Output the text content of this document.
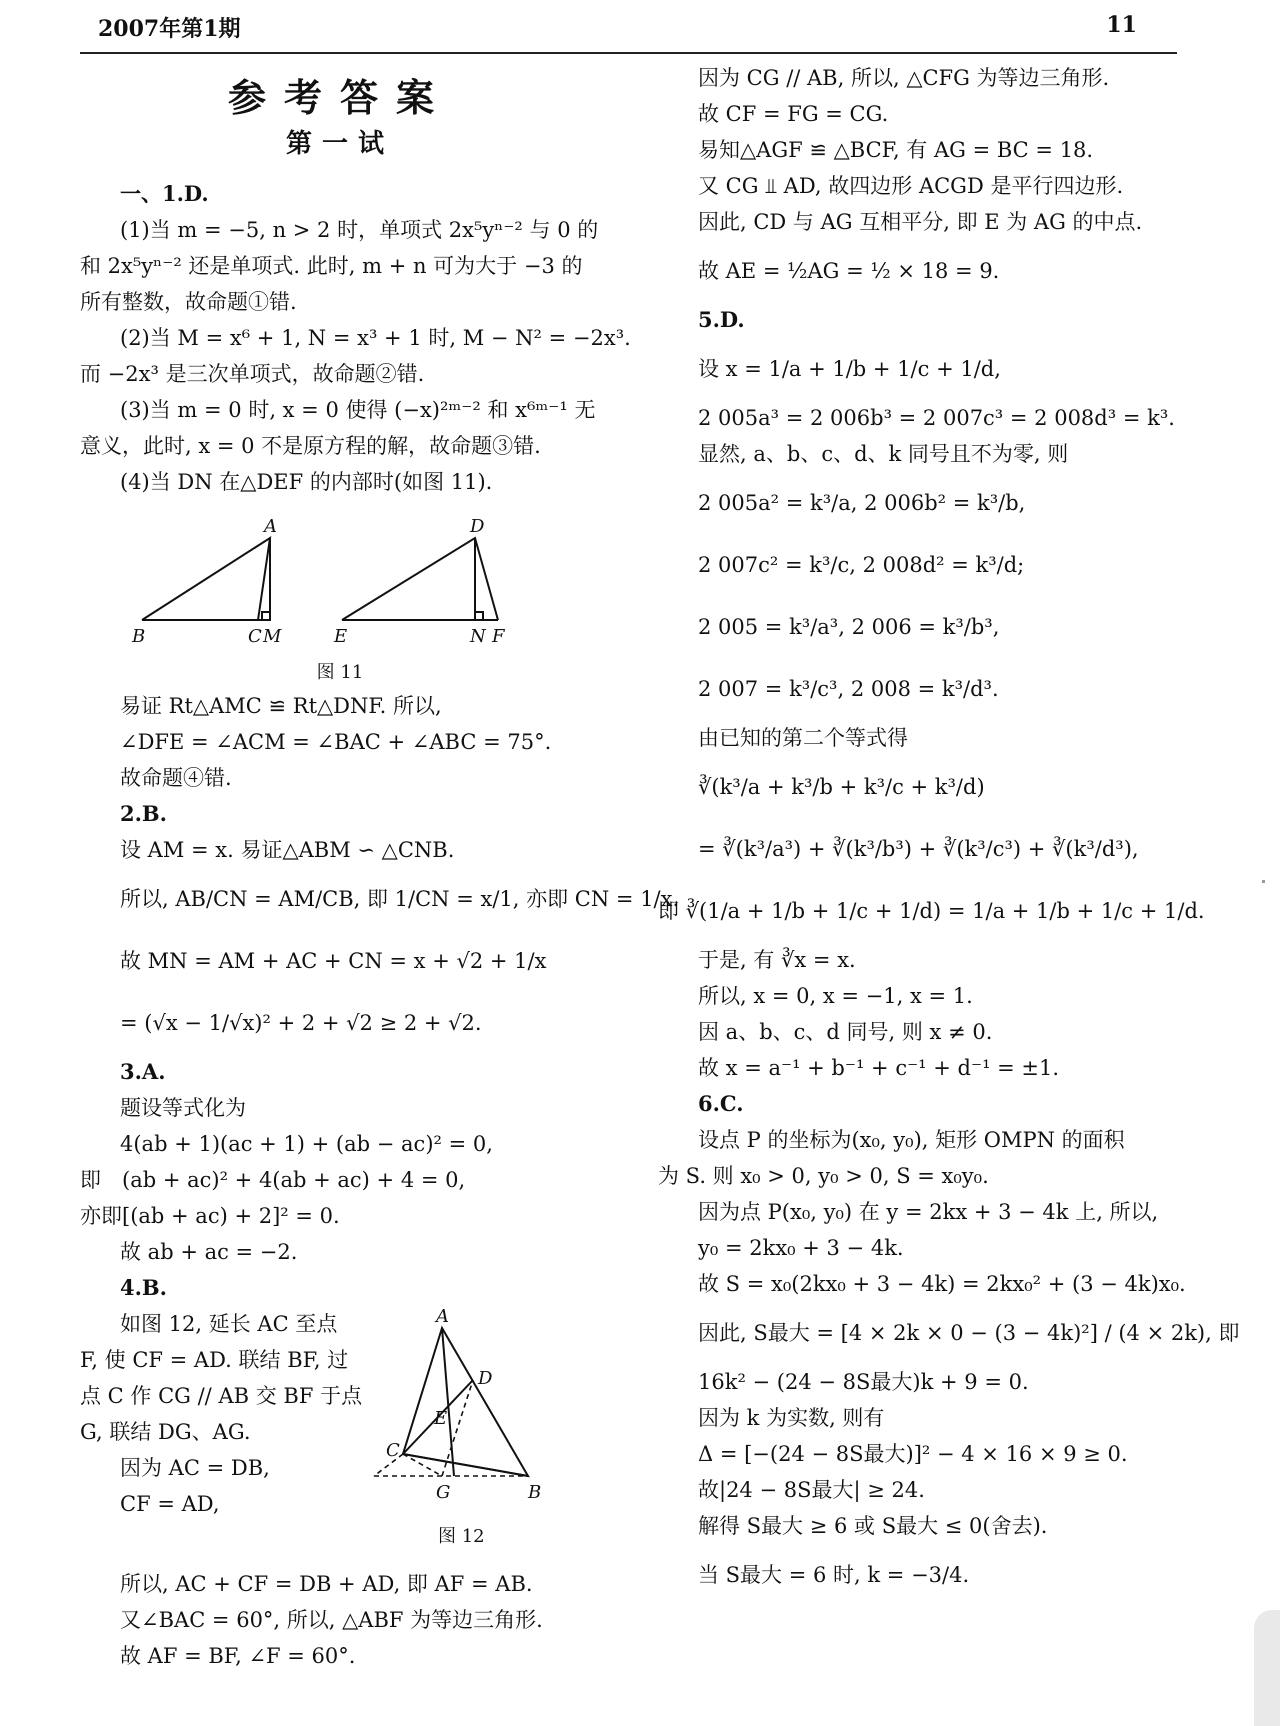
2007年第1期	11
参考答案
第一试
一、1.D.
(1)当 m = −5, n > 2 时，单项式 2x⁵yⁿ⁻² 与 0 的
和 2x⁵yⁿ⁻² 还是单项式. 此时, m + n 可为大于 −3 的
所有整数，故命题①错.
(2)当 M = x⁶ + 1, N = x³ + 1 时, M − N² = −2x³.
而 −2x³ 是三次单项式，故命题②错.
(3)当 m = 0 时, x = 0 使得 (−x)²ᵐ⁻² 和 x⁶ᵐ⁻¹ 无
意义，此时, x = 0 不是原方程的解，故命题③错.
(4)当 DN 在△DEF 的内部时(如图 11).
A
B	C M
D
E	N F
图 11
易证 Rt△AMC ≌ Rt△DNF. 所以,
∠DFE = ∠ACM = ∠BAC + ∠ABC = 75°.
故命题④错.
2.B.
设 AM = x. 易证△ABM ∽ △CNB.
所以, AB/CN = AM/CB, 即 1/CN = x/1, 亦即 CN = 1/x.
故 MN = AM + AC + CN = x + √2 + 1/x
= (√x − 1/√x)² + 2 + √2 ≥ 2 + √2.
3.A.
题设等式化为
4(ab + 1)(ac + 1) + (ab − ac)² = 0,
即　(ab + ac)² + 4(ab + ac) + 4 = 0,
亦即[(ab + ac) + 2]² = 0.
故 ab + ac = −2.
4.B.
如图 12, 延长 AC 至点
F, 使 CF = AD. 联结 BF, 过
点 C 作 CG // AB 交 BF 于点
G, 联结 DG、AG.
因为 AC = DB,
CF = AD,
A
D
C
E
G	B
图 12
所以, AC + CF = DB + AD, 即 AF = AB.
又∠BAC = 60°, 所以, △ABF 为等边三角形.
故 AF = BF, ∠F = 60°.
因为 CG // AB, 所以, △CFG 为等边三角形.
故 CF = FG = CG.
易知△AGF ≌ △BCF, 有 AG = BC = 18.
又 CG ⫫ AD, 故四边形 ACGD 是平行四边形.
因此, CD 与 AG 互相平分, 即 E 为 AG 的中点.
故 AE = ½AG = ½ × 18 = 9.
5.D.
设 x = 1/a + 1/b + 1/c + 1/d,
2 005a³ = 2 006b³ = 2 007c³ = 2 008d³ = k³.
显然, a、b、c、d、k 同号且不为零, 则
2 005a² = k³/a, 2 006b² = k³/b,
2 007c² = k³/c, 2 008d² = k³/d;
2 005 = k³/a³, 2 006 = k³/b³,
2 007 = k³/c³, 2 008 = k³/d³.
由已知的第二个等式得
∛(k³/a + k³/b + k³/c + k³/d)
= ∛(k³/a³) + ∛(k³/b³) + ∛(k³/c³) + ∛(k³/d³),
即 ∛(1/a + 1/b + 1/c + 1/d) = 1/a + 1/b + 1/c + 1/d.
于是, 有 ∛x = x.
所以, x = 0, x = −1, x = 1.
因 a、b、c、d 同号, 则 x ≠ 0.
故 x = a⁻¹ + b⁻¹ + c⁻¹ + d⁻¹ = ±1.
6.C.
设点 P 的坐标为(x₀, y₀), 矩形 OMPN 的面积
为 S. 则 x₀ > 0, y₀ > 0, S = x₀y₀.
因为点 P(x₀, y₀) 在 y = 2kx + 3 − 4k 上, 所以,
y₀ = 2kx₀ + 3 − 4k.
故 S = x₀(2kx₀ + 3 − 4k) = 2kx₀² + (3 − 4k)x₀.
因此, S最大 = [4 × 2k × 0 − (3 − 4k)²] / (4 × 2k), 即
16k² − (24 − 8S最大)k + 9 = 0.
因为 k 为实数, 则有
Δ = [−(24 − 8S最大)]² − 4 × 16 × 9 ≥ 0.
故|24 − 8S最大| ≥ 24.
解得 S最大 ≥ 6 或 S最大 ≤ 0(舍去).
当 S最大 = 6 时, k = −3/4.
